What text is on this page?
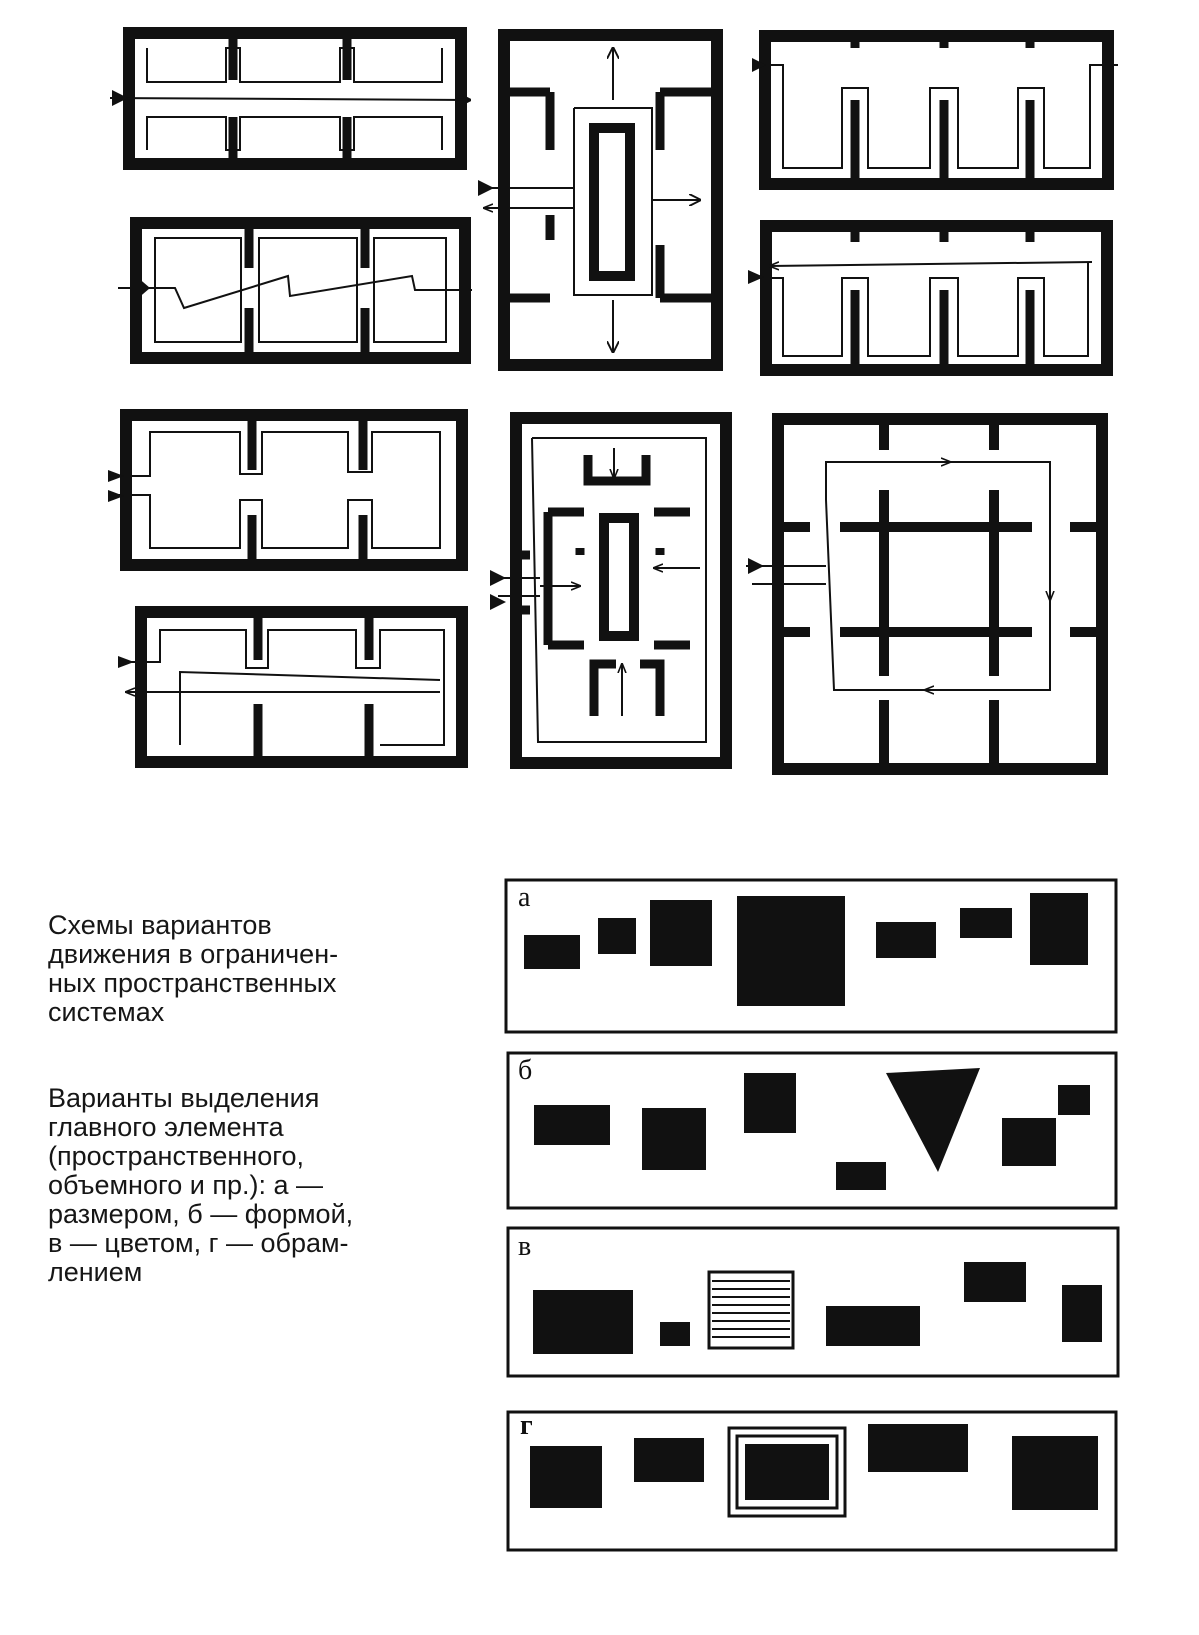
а
б
в
г
Схемы вариантов
движения в ограничен-
ных пространственных
системах
Варианты выделения
главного элемента
(пространственного,
объемного и пр.): а —
размером, б — формой,
в — цветом, г — обрам-
лением
